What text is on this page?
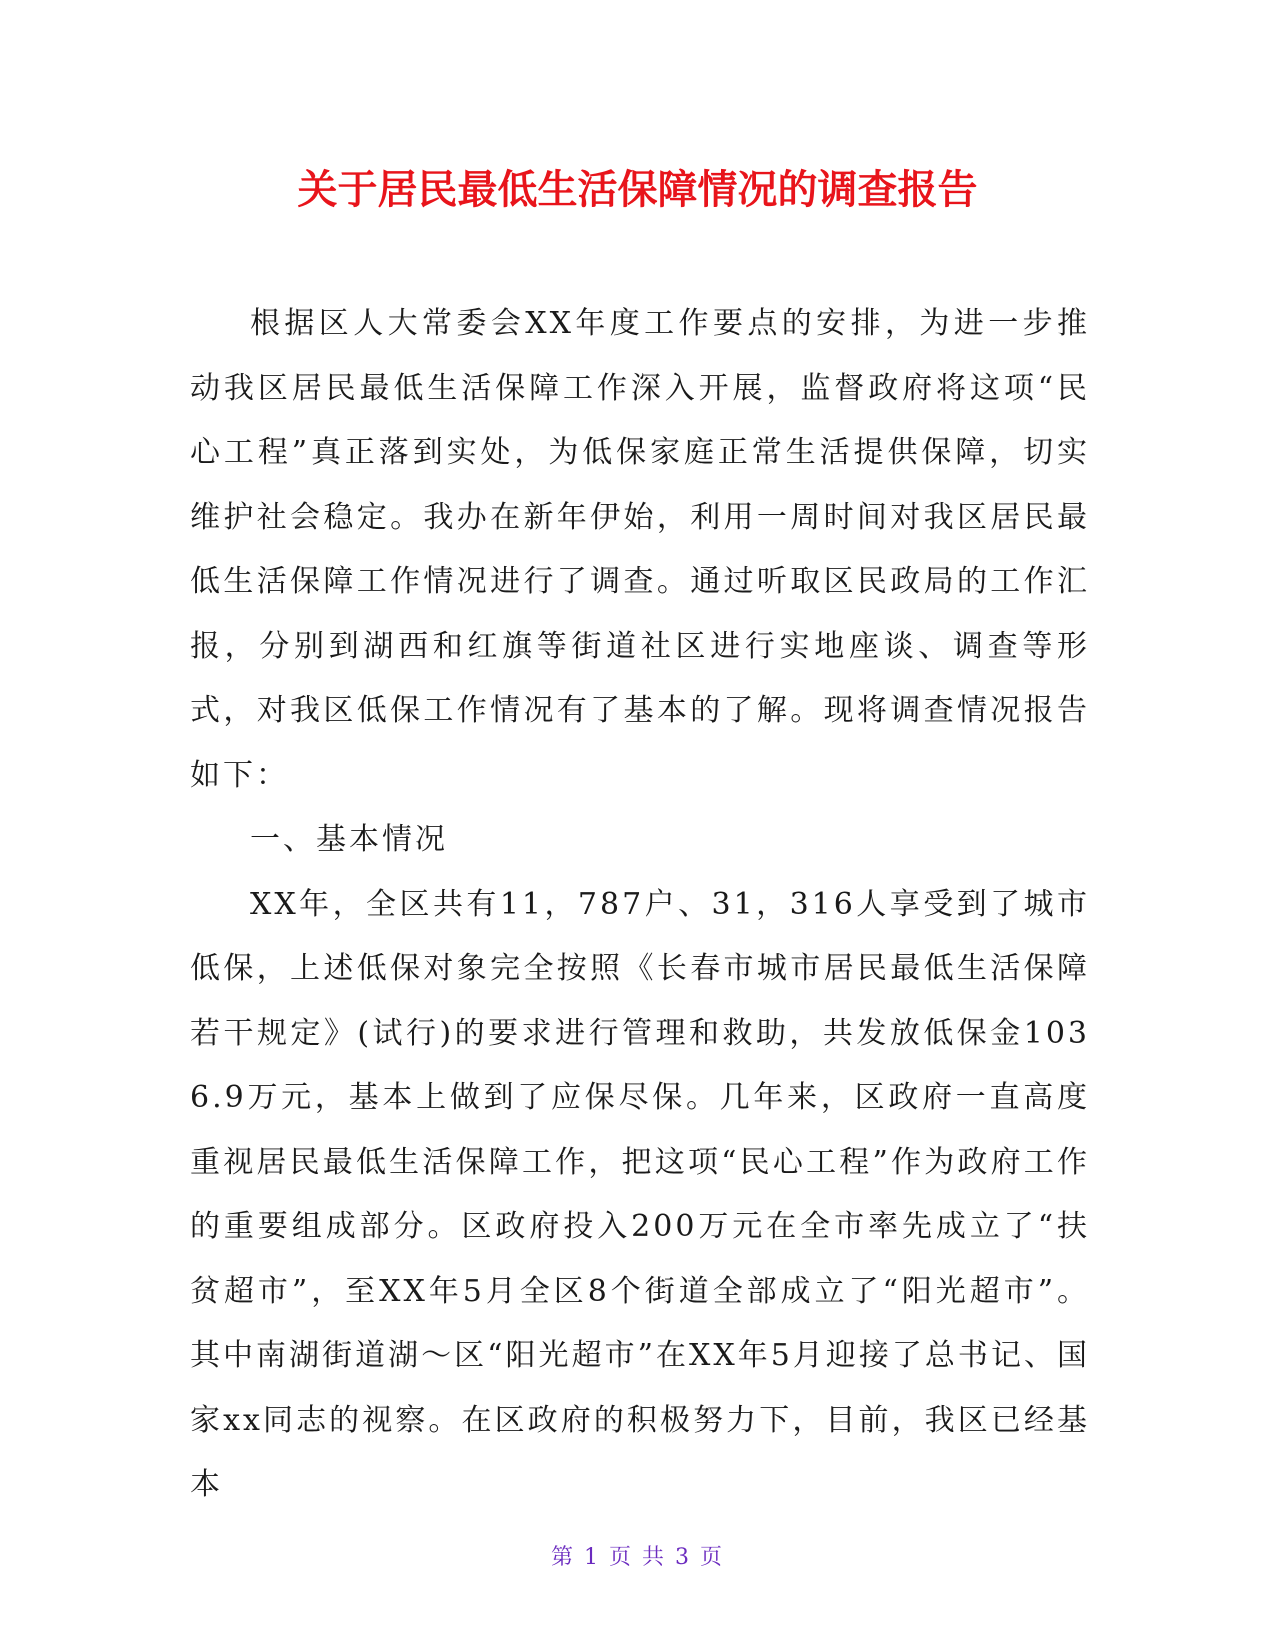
关于居民最低生活保障情况的调查报告

根据区人大常委会XX年度工作要点的安排，为进一步推动我区居民最低生活保障工作深入开展，监督政府将这项“民心工程”真正落到实处，为低保家庭正常生活提供保障，切实维护社会稳定。我办在新年伊始，利用一周时间对我区居民最低生活保障工作情况进行了调查。通过听取区民政局的工作汇报，分别到湖西和红旗等街道社区进行实地座谈、调查等形式，对我区低保工作情况有了基本的了解。现将调查情况报告如下：

一、基本情况

XX年，全区共有11，787户、31，316人享受到了城市低保，上述低保对象完全按照《长春市城市居民最低生活保障若干规定》(试行)的要求进行管理和救助，共发放低保金1036.9万元，基本上做到了应保尽保。几年来，区政府一直高度重视居民最低生活保障工作，把这项“民心工程”作为政府工作的重要组成部分。区政府投入200万元在全市率先成立了“扶贫超市”，至XX年5月全区8个街道全部成立了“阳光超市”。其中南湖街道湖～区“阳光超市”在XX年5月迎接了总书记、国家xx同志的视察。在区政府的积极努力下，目前，我区已经基本

第 1 页 共 3 页
